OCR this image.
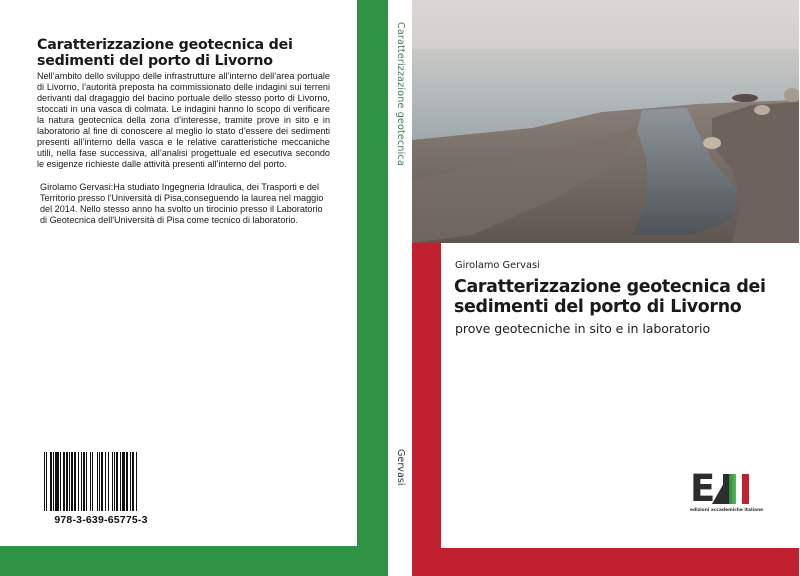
Caratterizzazione geotecnica dei sedimenti del porto di Livorno
Nell’ambito dello sviluppo delle infrastrutture all’interno dell’area portuale di Livorno, l’autorità preposta ha commissionato delle indagini sui terreni derivanti dal dragaggio del bacino portuale dello stesso porto di Livorno, stoccati in una vasca di colmata. Le indagini hanno lo scopo di verificare la natura geotecnica della zona d’interesse, tramite prove in sito e in laboratorio al fine di conoscere al meglio lo stato d’essere dei sedimenti presenti all’interno della vasca e le relative caratteristiche meccaniche utili, nella fase successiva, all’analisi progettuale ed esecutiva secondo le esigenze richieste dalle attività presenti all’interno del porto.
Girolamo Gervasi:Ha studiato Ingegneria Idraulica, dei Trasporti e del Territorio presso l'Università di Pisa,conseguendo la laurea nel maggio del 2014. Nello stesso anno ha svolto un tirocinio presso il Laboratorio di Geotecnica dell'Università di Pisa come tecnico di laboratorio.
978-3-639-65775-3
Caratterizzazione geotecnica
Gervasi
Girolamo Gervasi
Caratterizzazione geotecnica dei sedimenti del porto di Livorno
prove geotecniche in sito e in laboratorio
E
edizioni accademiche italiane
